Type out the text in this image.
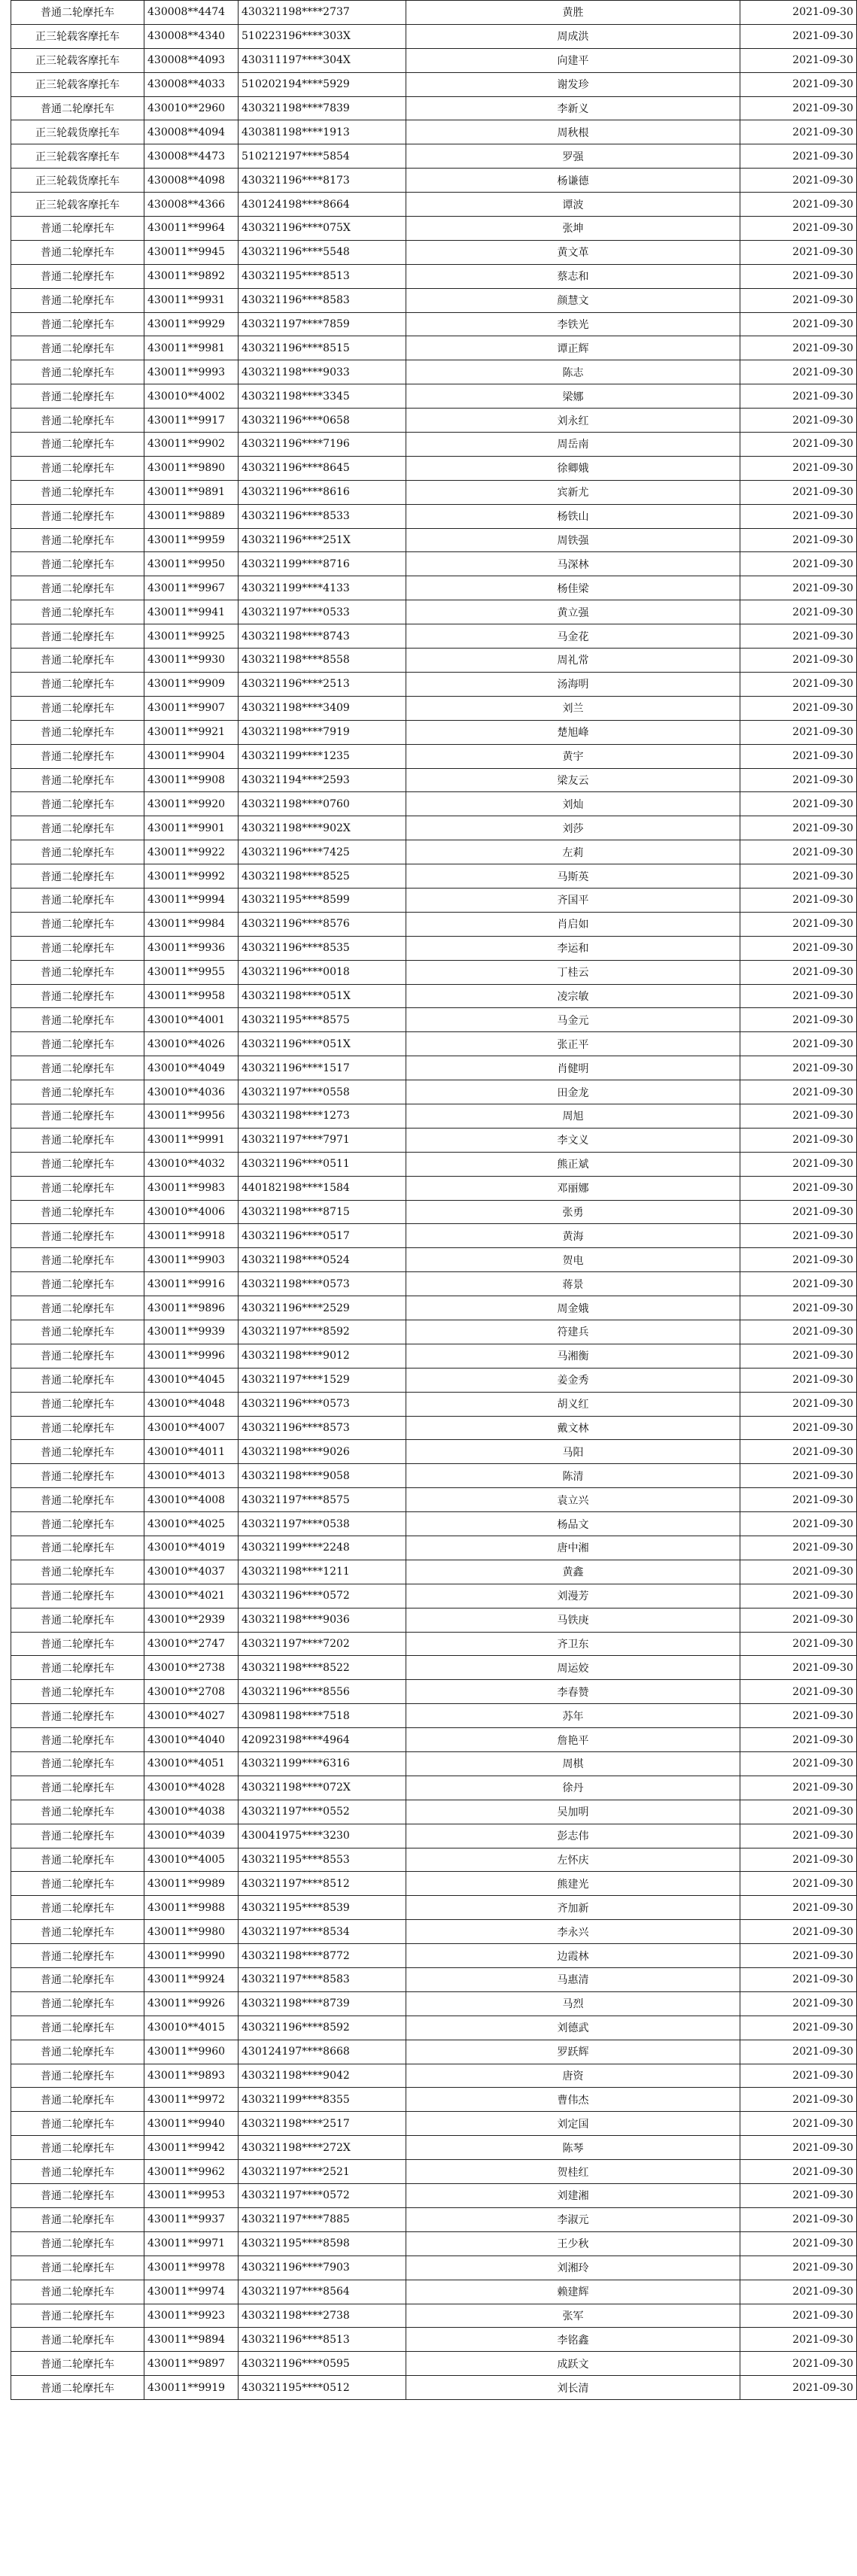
普通二轮摩托车	430008**4474	430321198****2737	黄胜	2021-09-30
正三轮载客摩托车	430008**4340	510223196****303X	周成洪	2021-09-30
正三轮载客摩托车	430008**4093	430311197****304X	向建平	2021-09-30
正三轮载客摩托车	430008**4033	510202194****5929	谢发珍	2021-09-30
普通二轮摩托车	430010**2960	430321198****7839	李新义	2021-09-30
正三轮载货摩托车	430008**4094	430381198****1913	周秋根	2021-09-30
正三轮载客摩托车	430008**4473	510212197****5854	罗强	2021-09-30
正三轮载货摩托车	430008**4098	430321196****8173	杨谦德	2021-09-30
正三轮载客摩托车	430008**4366	430124198****8664	谭波	2021-09-30
普通二轮摩托车	430011**9964	430321196****075X	张坤	2021-09-30
普通二轮摩托车	430011**9945	430321196****5548	黄文革	2021-09-30
普通二轮摩托车	430011**9892	430321195****8513	蔡志和	2021-09-30
普通二轮摩托车	430011**9931	430321196****8583	颜慧文	2021-09-30
普通二轮摩托车	430011**9929	430321197****7859	李铁光	2021-09-30
普通二轮摩托车	430011**9981	430321196****8515	谭正辉	2021-09-30
普通二轮摩托车	430011**9993	430321198****9033	陈志	2021-09-30
普通二轮摩托车	430010**4002	430321198****3345	梁娜	2021-09-30
普通二轮摩托车	430011**9917	430321196****0658	刘永红	2021-09-30
普通二轮摩托车	430011**9902	430321196****7196	周岳南	2021-09-30
普通二轮摩托车	430011**9890	430321196****8645	徐卿娥	2021-09-30
普通二轮摩托车	430011**9891	430321196****8616	宾新尤	2021-09-30
普通二轮摩托车	430011**9889	430321196****8533	杨铁山	2021-09-30
普通二轮摩托车	430011**9959	430321196****251X	周铁强	2021-09-30
普通二轮摩托车	430011**9950	430321199****8716	马深林	2021-09-30
普通二轮摩托车	430011**9967	430321199****4133	杨佳梁	2021-09-30
普通二轮摩托车	430011**9941	430321197****0533	黄立强	2021-09-30
普通二轮摩托车	430011**9925	430321198****8743	马金花	2021-09-30
普通二轮摩托车	430011**9930	430321198****8558	周礼常	2021-09-30
普通二轮摩托车	430011**9909	430321196****2513	汤海明	2021-09-30
普通二轮摩托车	430011**9907	430321198****3409	刘兰	2021-09-30
普通二轮摩托车	430011**9921	430321198****7919	楚旭峰	2021-09-30
普通二轮摩托车	430011**9904	430321199****1235	黄宇	2021-09-30
普通二轮摩托车	430011**9908	430321194****2593	梁友云	2021-09-30
普通二轮摩托车	430011**9920	430321198****0760	刘灿	2021-09-30
普通二轮摩托车	430011**9901	430321198****902X	刘莎	2021-09-30
普通二轮摩托车	430011**9922	430321196****7425	左莉	2021-09-30
普通二轮摩托车	430011**9992	430321198****8525	马斯英	2021-09-30
普通二轮摩托车	430011**9994	430321195****8599	齐国平	2021-09-30
普通二轮摩托车	430011**9984	430321196****8576	肖启如	2021-09-30
普通二轮摩托车	430011**9936	430321196****8535	李运和	2021-09-30
普通二轮摩托车	430011**9955	430321196****0018	丁桂云	2021-09-30
普通二轮摩托车	430011**9958	430321198****051X	凌宗敏	2021-09-30
普通二轮摩托车	430010**4001	430321195****8575	马金元	2021-09-30
普通二轮摩托车	430010**4026	430321196****051X	张正平	2021-09-30
普通二轮摩托车	430010**4049	430321196****1517	肖健明	2021-09-30
普通二轮摩托车	430010**4036	430321197****0558	田金龙	2021-09-30
普通二轮摩托车	430011**9956	430321198****1273	周旭	2021-09-30
普通二轮摩托车	430011**9991	430321197****7971	李文义	2021-09-30
普通二轮摩托车	430010**4032	430321196****0511	熊正斌	2021-09-30
普通二轮摩托车	430011**9983	440182198****1584	邓丽娜	2021-09-30
普通二轮摩托车	430010**4006	430321198****8715	张勇	2021-09-30
普通二轮摩托车	430011**9918	430321196****0517	黄海	2021-09-30
普通二轮摩托车	430011**9903	430321198****0524	贺电	2021-09-30
普通二轮摩托车	430011**9916	430321198****0573	蒋景	2021-09-30
普通二轮摩托车	430011**9896	430321196****2529	周金娥	2021-09-30
普通二轮摩托车	430011**9939	430321197****8592	符建兵	2021-09-30
普通二轮摩托车	430011**9996	430321198****9012	马湘衡	2021-09-30
普通二轮摩托车	430010**4045	430321197****1529	姜金秀	2021-09-30
普通二轮摩托车	430010**4048	430321196****0573	胡义红	2021-09-30
普通二轮摩托车	430010**4007	430321196****8573	戴文林	2021-09-30
普通二轮摩托车	430010**4011	430321198****9026	马阳	2021-09-30
普通二轮摩托车	430010**4013	430321198****9058	陈清	2021-09-30
普通二轮摩托车	430010**4008	430321197****8575	袁立兴	2021-09-30
普通二轮摩托车	430010**4025	430321197****0538	杨品文	2021-09-30
普通二轮摩托车	430010**4019	430321199****2248	唐中湘	2021-09-30
普通二轮摩托车	430010**4037	430321198****1211	黄鑫	2021-09-30
普通二轮摩托车	430010**4021	430321196****0572	刘漫芳	2021-09-30
普通二轮摩托车	430010**2939	430321198****9036	马铁庚	2021-09-30
普通二轮摩托车	430010**2747	430321197****7202	齐卫东	2021-09-30
普通二轮摩托车	430010**2738	430321198****8522	周运姣	2021-09-30
普通二轮摩托车	430010**2708	430321196****8556	李春赞	2021-09-30
普通二轮摩托车	430010**4027	430981198****7518	苏年	2021-09-30
普通二轮摩托车	430010**4040	420923198****4964	詹艳平	2021-09-30
普通二轮摩托车	430010**4051	430321199****6316	周棋	2021-09-30
普通二轮摩托车	430010**4028	430321198****072X	徐丹	2021-09-30
普通二轮摩托车	430010**4038	430321197****0552	吴加明	2021-09-30
普通二轮摩托车	430010**4039	430041975****3230	彭志伟	2021-09-30
普通二轮摩托车	430010**4005	430321195****8553	左怀庆	2021-09-30
普通二轮摩托车	430011**9989	430321197****8512	熊建光	2021-09-30
普通二轮摩托车	430011**9988	430321195****8539	齐加新	2021-09-30
普通二轮摩托车	430011**9980	430321197****8534	李永兴	2021-09-30
普通二轮摩托车	430011**9990	430321198****8772	边霞林	2021-09-30
普通二轮摩托车	430011**9924	430321197****8583	马惠清	2021-09-30
普通二轮摩托车	430011**9926	430321198****8739	马烈	2021-09-30
普通二轮摩托车	430010**4015	430321196****8592	刘德武	2021-09-30
普通二轮摩托车	430011**9960	430124197****8668	罗跃辉	2021-09-30
普通二轮摩托车	430011**9893	430321198****9042	唐资	2021-09-30
普通二轮摩托车	430011**9972	430321199****8355	曹伟杰	2021-09-30
普通二轮摩托车	430011**9940	430321198****2517	刘定国	2021-09-30
普通二轮摩托车	430011**9942	430321198****272X	陈琴	2021-09-30
普通二轮摩托车	430011**9962	430321197****2521	贺桂红	2021-09-30
普通二轮摩托车	430011**9953	430321197****0572	刘建湘	2021-09-30
普通二轮摩托车	430011**9937	430321197****7885	李淑元	2021-09-30
普通二轮摩托车	430011**9971	430321195****8598	王少秋	2021-09-30
普通二轮摩托车	430011**9978	430321196****7903	刘湘玲	2021-09-30
普通二轮摩托车	430011**9974	430321197****8564	赖建辉	2021-09-30
普通二轮摩托车	430011**9923	430321198****2738	张军	2021-09-30
普通二轮摩托车	430011**9894	430321196****8513	李铭鑫	2021-09-30
普通二轮摩托车	430011**9897	430321196****0595	成跃文	2021-09-30
普通二轮摩托车	430011**9919	430321195****0512	刘长清	2021-09-30
